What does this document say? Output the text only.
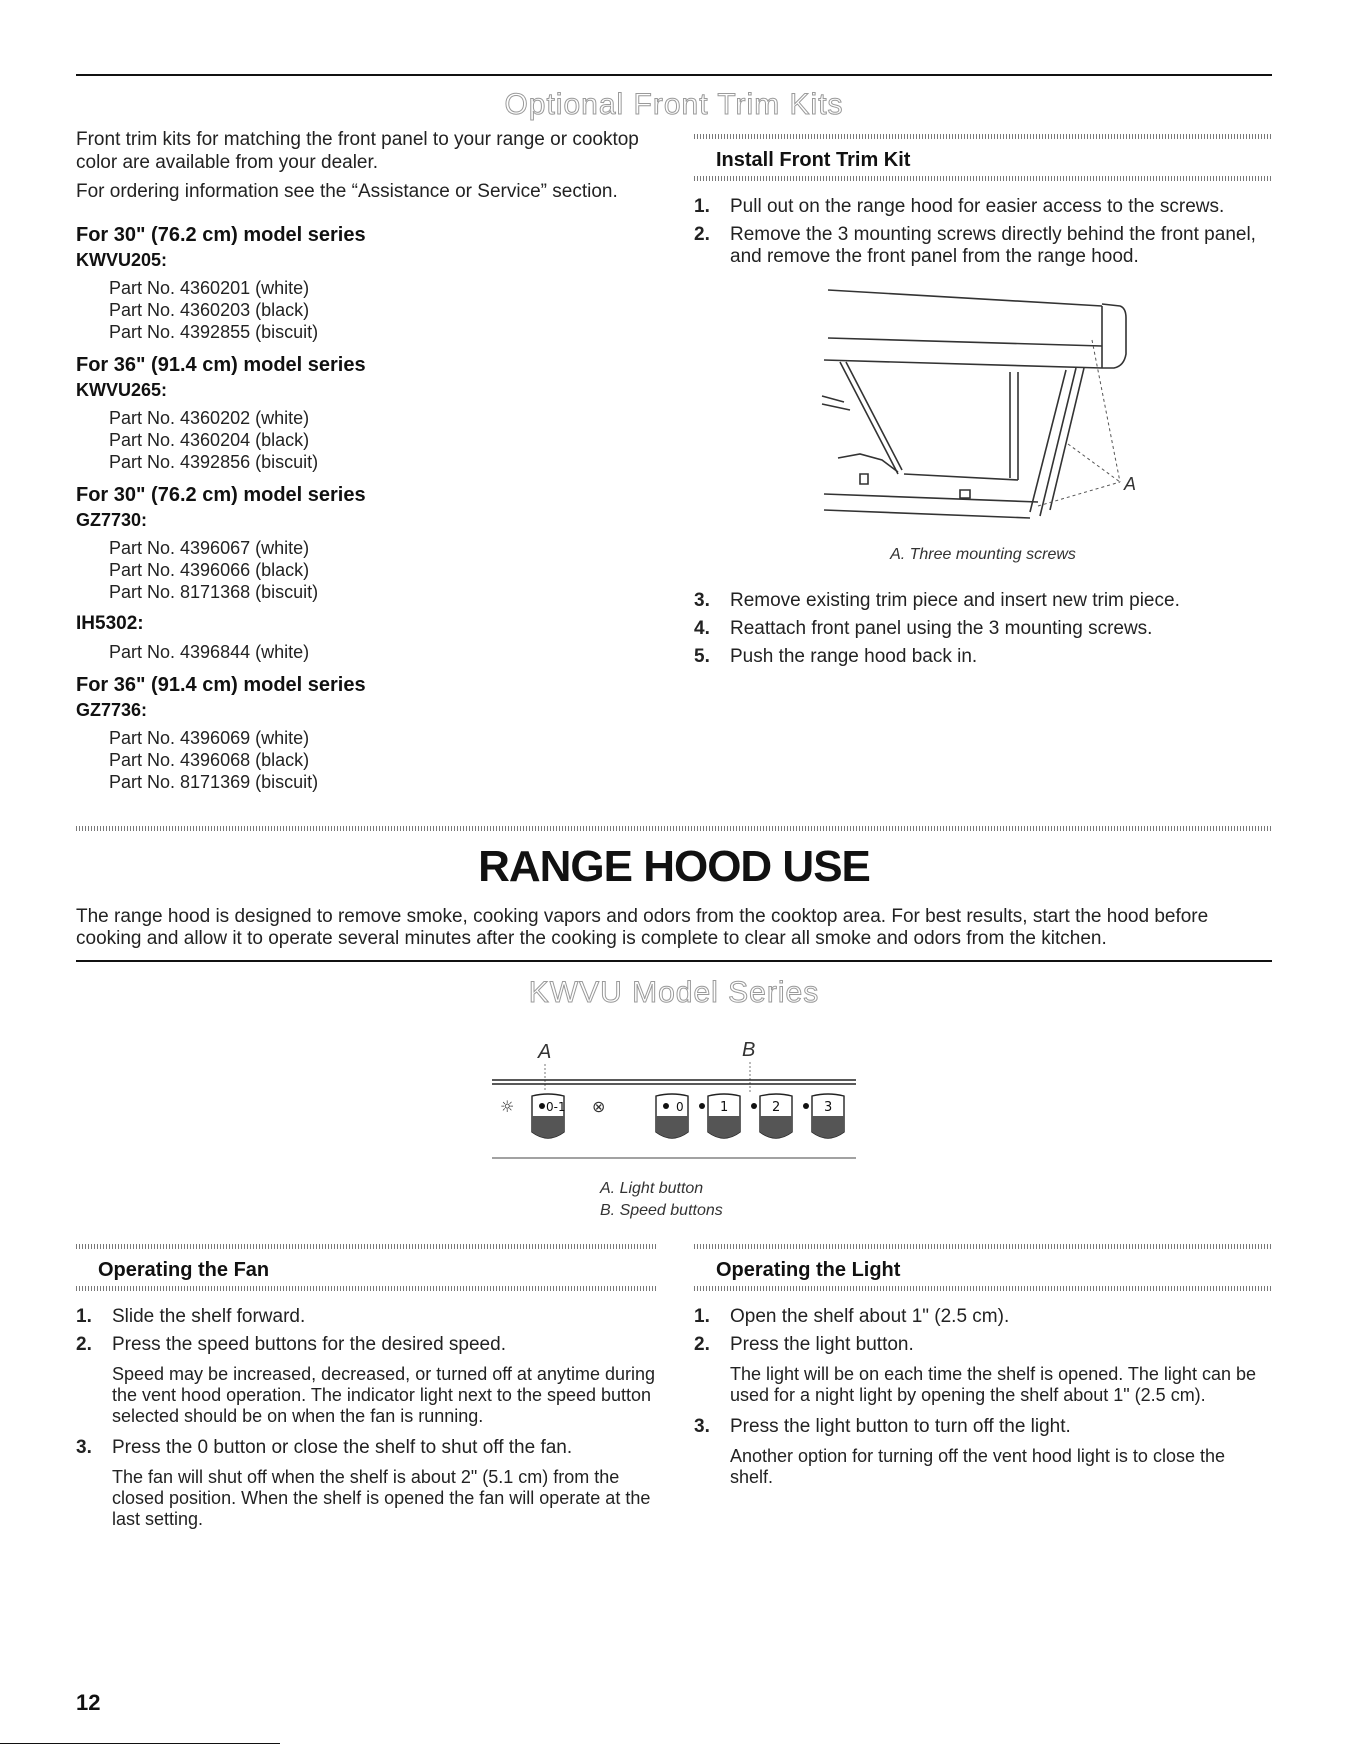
Optional Front Trim Kits
Front trim kits for matching the front panel to your range or cooktop color are available from your dealer.
For ordering information see the “Assistance or Service” section.
For 30" (76.2 cm) model series
KWVU205:
Part No. 4360201 (white)
Part No. 4360203 (black)
Part No. 4392855 (biscuit)
For 36" (91.4 cm) model series
KWVU265:
Part No. 4360202 (white)
Part No. 4360204 (black)
Part No. 4392856 (biscuit)
For 30" (76.2 cm) model series
GZ7730:
Part No. 4396067 (white)
Part No. 4396066 (black)
Part No. 8171368 (biscuit)
IH5302:
Part No. 4396844 (white)
For 36" (91.4 cm) model series
GZ7736:
Part No. 4396069 (white)
Part No. 4396068 (black)
Part No. 8171369 (biscuit)
Install Front Trim Kit
1. Pull out on the range hood for easier access to the screws.
2. Remove the 3 mounting screws directly behind the front panel, and remove the front panel from the range hood.
A
A. Three mounting screws
3. Remove existing trim piece and insert new trim piece.
4. Reattach front panel using the 3 mounting screws.
5. Push the range hood back in.
RANGE HOOD USE
The range hood is designed to remove smoke, cooking vapors and odors from the cooktop area. For best results, start the hood before cooking and allow it to operate several minutes after the cooking is complete to clear all smoke and odors from the kitchen.
KWVU Model Series
A	B
☼	⊗
0-1	0	1	2	3
A. Light button
B. Speed buttons
Operating the Fan
1. Slide the shelf forward.
2. Press the speed buttons for the desired speed.
Speed may be increased, decreased, or turned off at anytime during the vent hood operation. The indicator light next to the speed button selected should be on when the fan is running.
3. Press the 0 button or close the shelf to shut off the fan.
The fan will shut off when the shelf is about 2" (5.1 cm) from the closed position. When the shelf is opened the fan will operate at the last setting.
Operating the Light
1. Open the shelf about 1" (2.5 cm).
2. Press the light button.
The light will be on each time the shelf is opened. The light can be used for a night light by opening the shelf about 1" (2.5 cm).
3. Press the light button to turn off the light.
Another option for turning off the vent hood light is to close the shelf.
12
